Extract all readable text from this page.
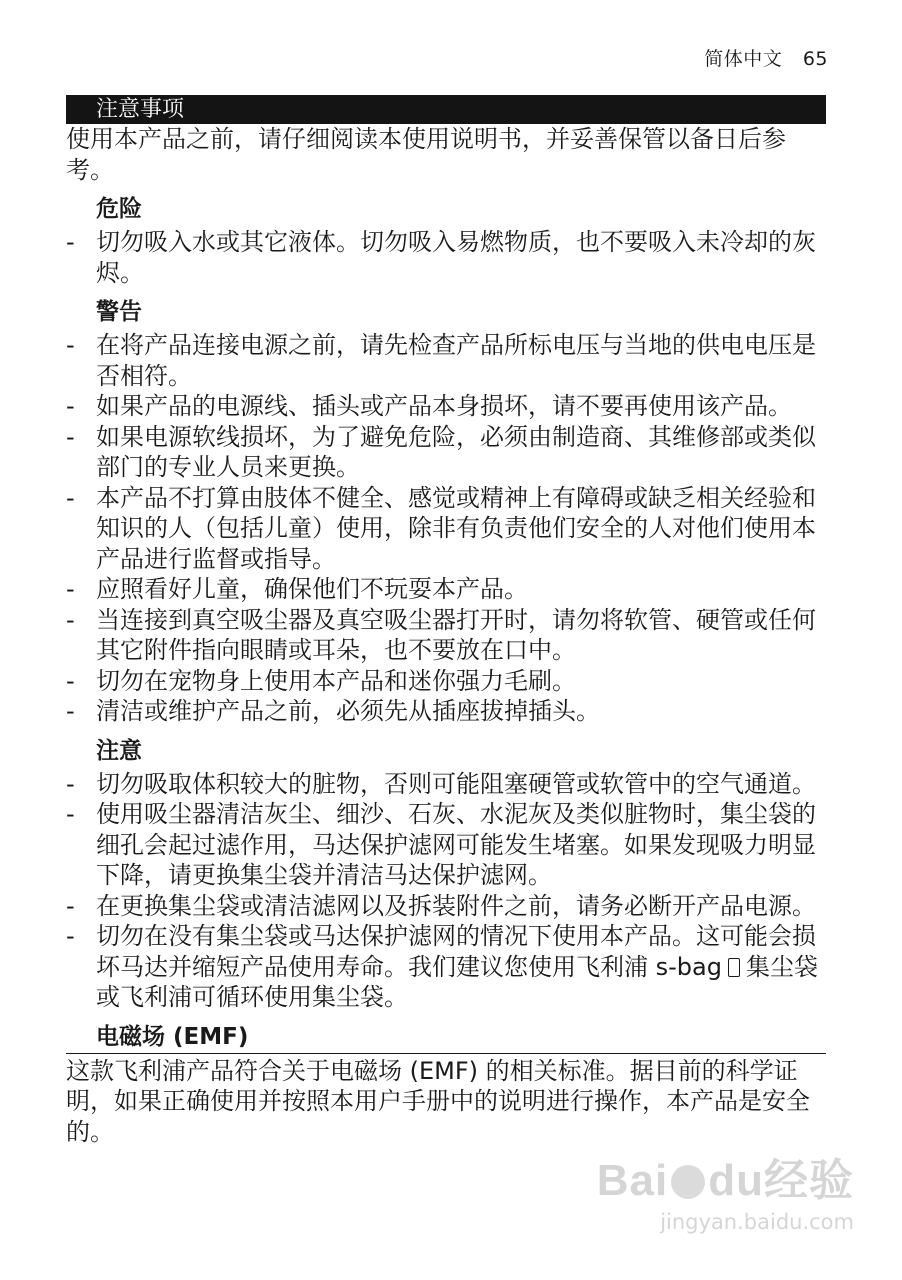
简体中文 65
注意事项

使用本产品之前，请仔细阅读本使用说明书，并妥善保管以备日后参考。

危险

- 切勿吸入水或其它液体。切勿吸入易燃物质，也不要吸入未冷却的灰烬。

警告

- 在将产品连接电源之前，请先检查产品所标电压与当地的供电电压是否相符。

- 如果产品的电源线、插头或产品本身损坏，请不要再使用该产品。

- 如果电源软线损坏，为了避免危险，必须由制造商、其维修部或类似部门的专业人员来更换。

- 本产品不打算由肢体不健全、感觉或精神上有障碍或缺乏相关经验和知识的人（包括儿童）使用，除非有负责他们安全的人对他们使用本产品进行监督或指导。

- 应照看好儿童，确保他们不玩耍本产品。

- 当连接到真空吸尘器及真空吸尘器打开时，请勿将软管、硬管或任何其它附件指向眼睛或耳朵，也不要放在口中。

- 切勿在宠物身上使用本产品和迷你强力毛刷。

- 清洁或维护产品之前，必须先从插座拔掉插头。

注意

- 切勿吸取体积较大的脏物，否则可能阻塞硬管或软管中的空气通道。

- 使用吸尘器清洁灰尘、细沙、石灰、水泥灰及类似脏物时，集尘袋的细孔会起过滤作用，马达保护滤网可能发生堵塞。如果发现吸力明显下降，请更换集尘袋并清洁马达保护滤网。

- 在更换集尘袋或清洁滤网以及拆装附件之前，请务必断开产品电源。

- 切勿在没有集尘袋或马达保护滤网的情况下使用本产品。这可能会损坏马达并缩短产品使用寿命。我们建议您使用飞利浦 s-bag 集尘袋或飞利浦可循环使用集尘袋。

电磁场 (EMF)

这款飞利浦产品符合关于电磁场 (EMF) 的相关标准。据目前的科学证明，如果正确使用并按照本用户手册中的说明进行操作，本产品是安全的。

Bai du经验
jingyan.baidu.com
